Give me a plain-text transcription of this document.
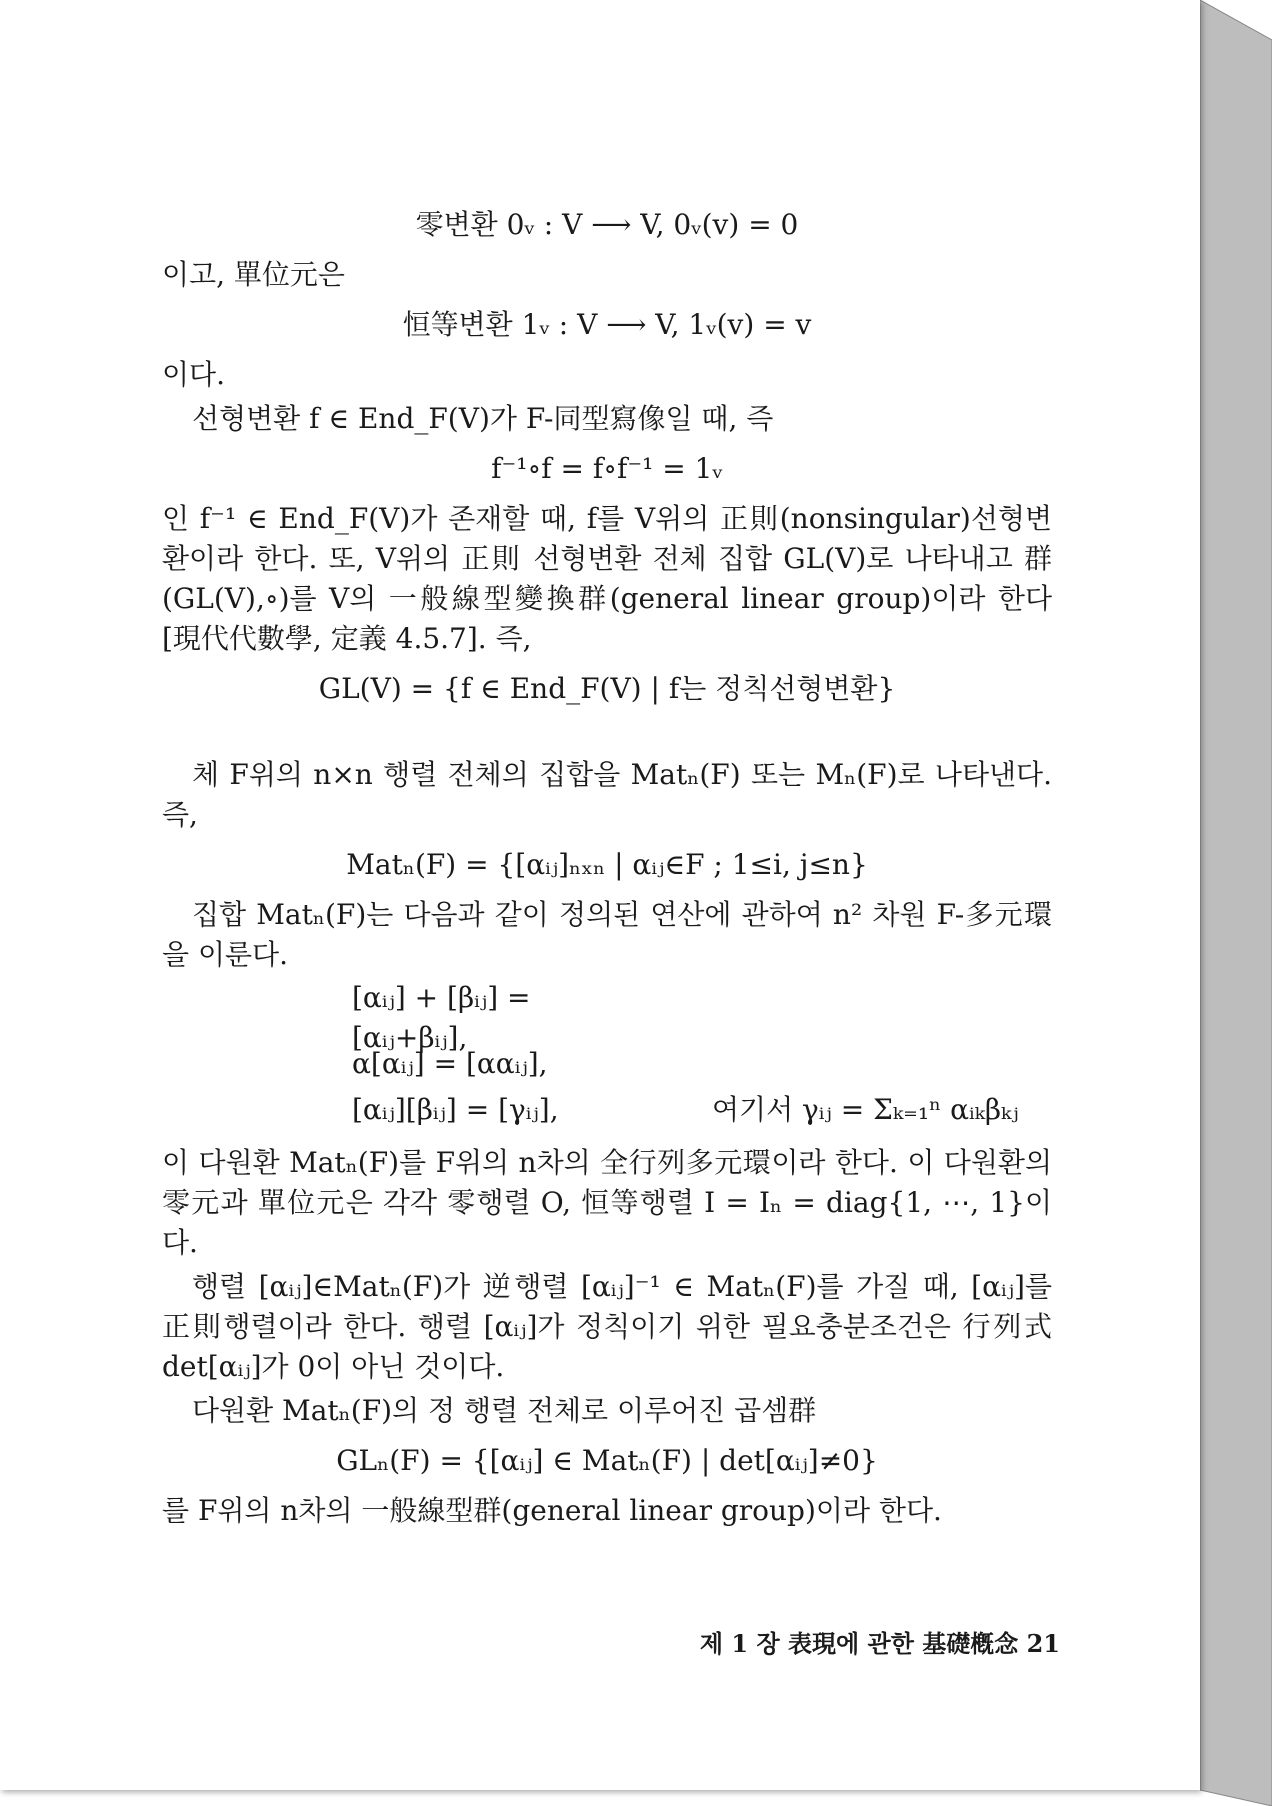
零변환 0ᵥ : V ⟶ V, 0ᵥ(v) = 0

이고, 單位元은

恒等변환 1ᵥ : V ⟶ V, 1ᵥ(v) = v

이다.

선형변환 f ∈ End_F(V)가 F-同型寫像일 때, 즉

f⁻¹∘f = f∘f⁻¹ = 1ᵥ

인 f⁻¹ ∈ End_F(V)가 존재할 때, f를 V위의 正則(nonsingular)선형변환이라 한다. 또, V위의 正則 선형변환 전체 집합 GL(V)로 나타내고 群 (GL(V),∘)를 V의 一般線型變換群(general linear group)이라 한다 [現代代數學, 定義 4.5.7]. 즉,

GL(V) = {f ∈ End_F(V) | f는 정칙선형변환}

체 F위의 n×n 행렬 전체의 집합을 Matₙ(F) 또는 Mₙ(F)로 나타낸다. 즉,

Matₙ(F) = {[αᵢⱼ]ₙₓₙ | αᵢⱼ∈F ; 1≤i, j≤n}

집합 Matₙ(F)는 다음과 같이 정의된 연산에 관하여 n² 차원 F-多元環을 이룬다.

[αᵢⱼ] + [βᵢⱼ] = [αᵢⱼ+βᵢⱼ],
α[αᵢⱼ] = [ααᵢⱼ],
[αᵢⱼ][βᵢⱼ] = [γᵢⱼ],	여기서 γᵢⱼ = Σₖ₌₁ⁿ αᵢₖβₖⱼ

이 다원환 Matₙ(F)를 F위의 n차의 全行列多元環이라 한다. 이 다원환의 零元과 單位元은 각각 零행렬 O, 恒等행렬 I = Iₙ = diag{1, ⋯, 1}이다.

행렬 [αᵢⱼ]∈Matₙ(F)가 逆행렬 [αᵢⱼ]⁻¹ ∈ Matₙ(F)를 가질 때, [αᵢⱼ]를 正則행렬이라 한다. 행렬 [αᵢⱼ]가 정칙이기 위한 필요충분조건은 行列式 det[αᵢⱼ]가 0이 아닌 것이다.

다원환 Matₙ(F)의 정 행렬 전체로 이루어진 곱셈群

GLₙ(F) = {[αᵢⱼ] ∈ Matₙ(F) | det[αᵢⱼ]≠0}

를 F위의 n차의 一般線型群(general linear group)이라 한다.

제 1 장 表現에 관한 基礎槪念 21
